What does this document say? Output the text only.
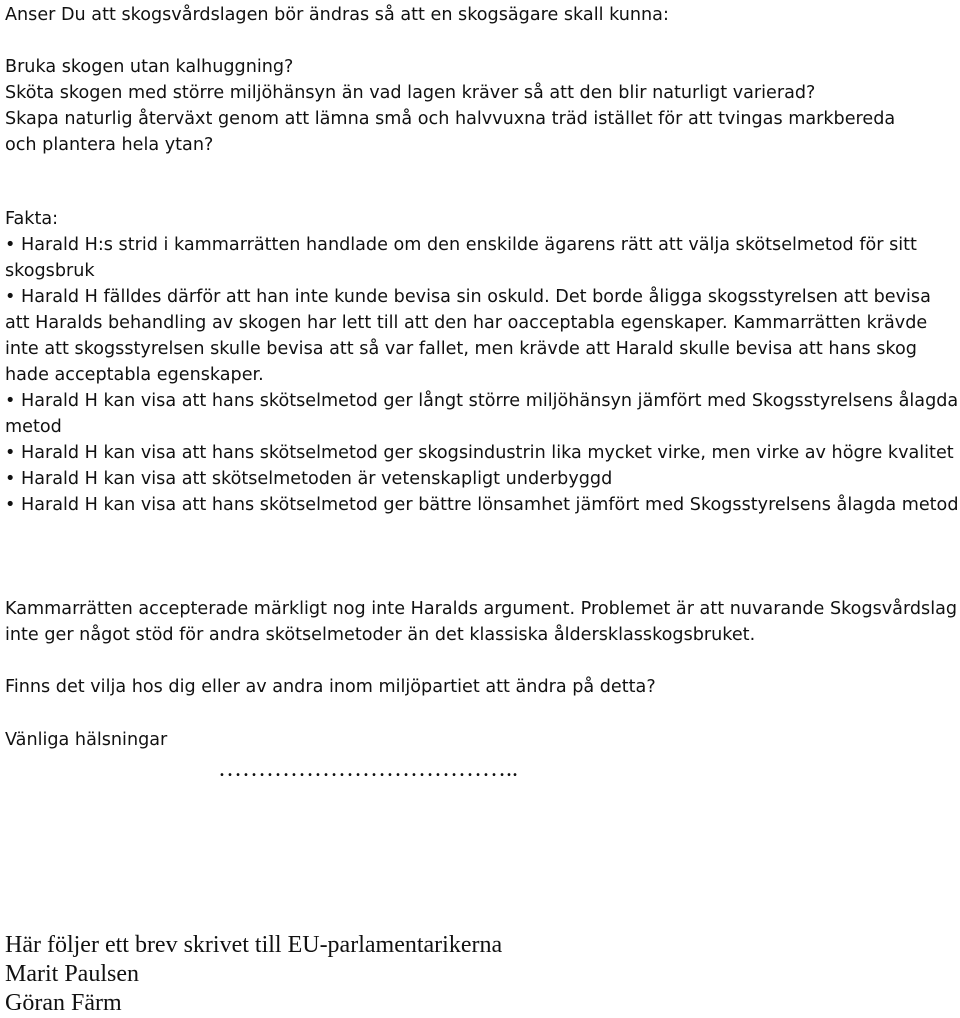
Anser Du att skogsvårdslagen bör ändras så att en skogsägare skall kunna:
Bruka skogen utan kalhuggning?
Sköta skogen med större miljöhänsyn än vad lagen kräver så att den blir naturligt varierad?
Skapa naturlig återväxt genom att lämna små och halvvuxna träd istället för att tvingas markbereda
och plantera hela ytan?
Fakta:
• Harald H:s strid i kammarrätten handlade om den enskilde ägarens rätt att välja skötselmetod för sitt skogsbruk
• Harald H fälldes därför att han inte kunde bevisa sin oskuld. Det borde åligga skogsstyrelsen att bevisa att Haralds behandling av skogen har lett till att den har oacceptabla egenskaper. Kammarrätten krävde inte att skogsstyrelsen skulle bevisa att så var fallet, men krävde att Harald skulle bevisa att hans skog hade acceptabla egenskaper.
• Harald H kan visa att hans skötselmetod ger långt större miljöhänsyn jämfört med Skogsstyrelsens ålagda metod
• Harald H kan visa att hans skötselmetod ger skogsindustrin lika mycket virke, men virke av högre kvalitet
• Harald H kan visa att skötselmetoden är vetenskapligt underbyggd
• Harald H kan visa att hans skötselmetod ger bättre lönsamhet jämfört med Skogsstyrelsens ålagda metod
Kammarrätten accepterade märkligt nog inte Haralds argument. Problemet är att nuvarande Skogsvårdslag inte ger något stöd för andra skötselmetoder än det klassiska åldersklasskogsbruket.
Finns det vilja hos dig eller av andra inom miljöpartiet att ändra på detta?
Vänliga hälsningar
………………………………..
Här följer ett brev skrivet till EU-parlamentarikerna
Marit Paulsen
Göran Färm
